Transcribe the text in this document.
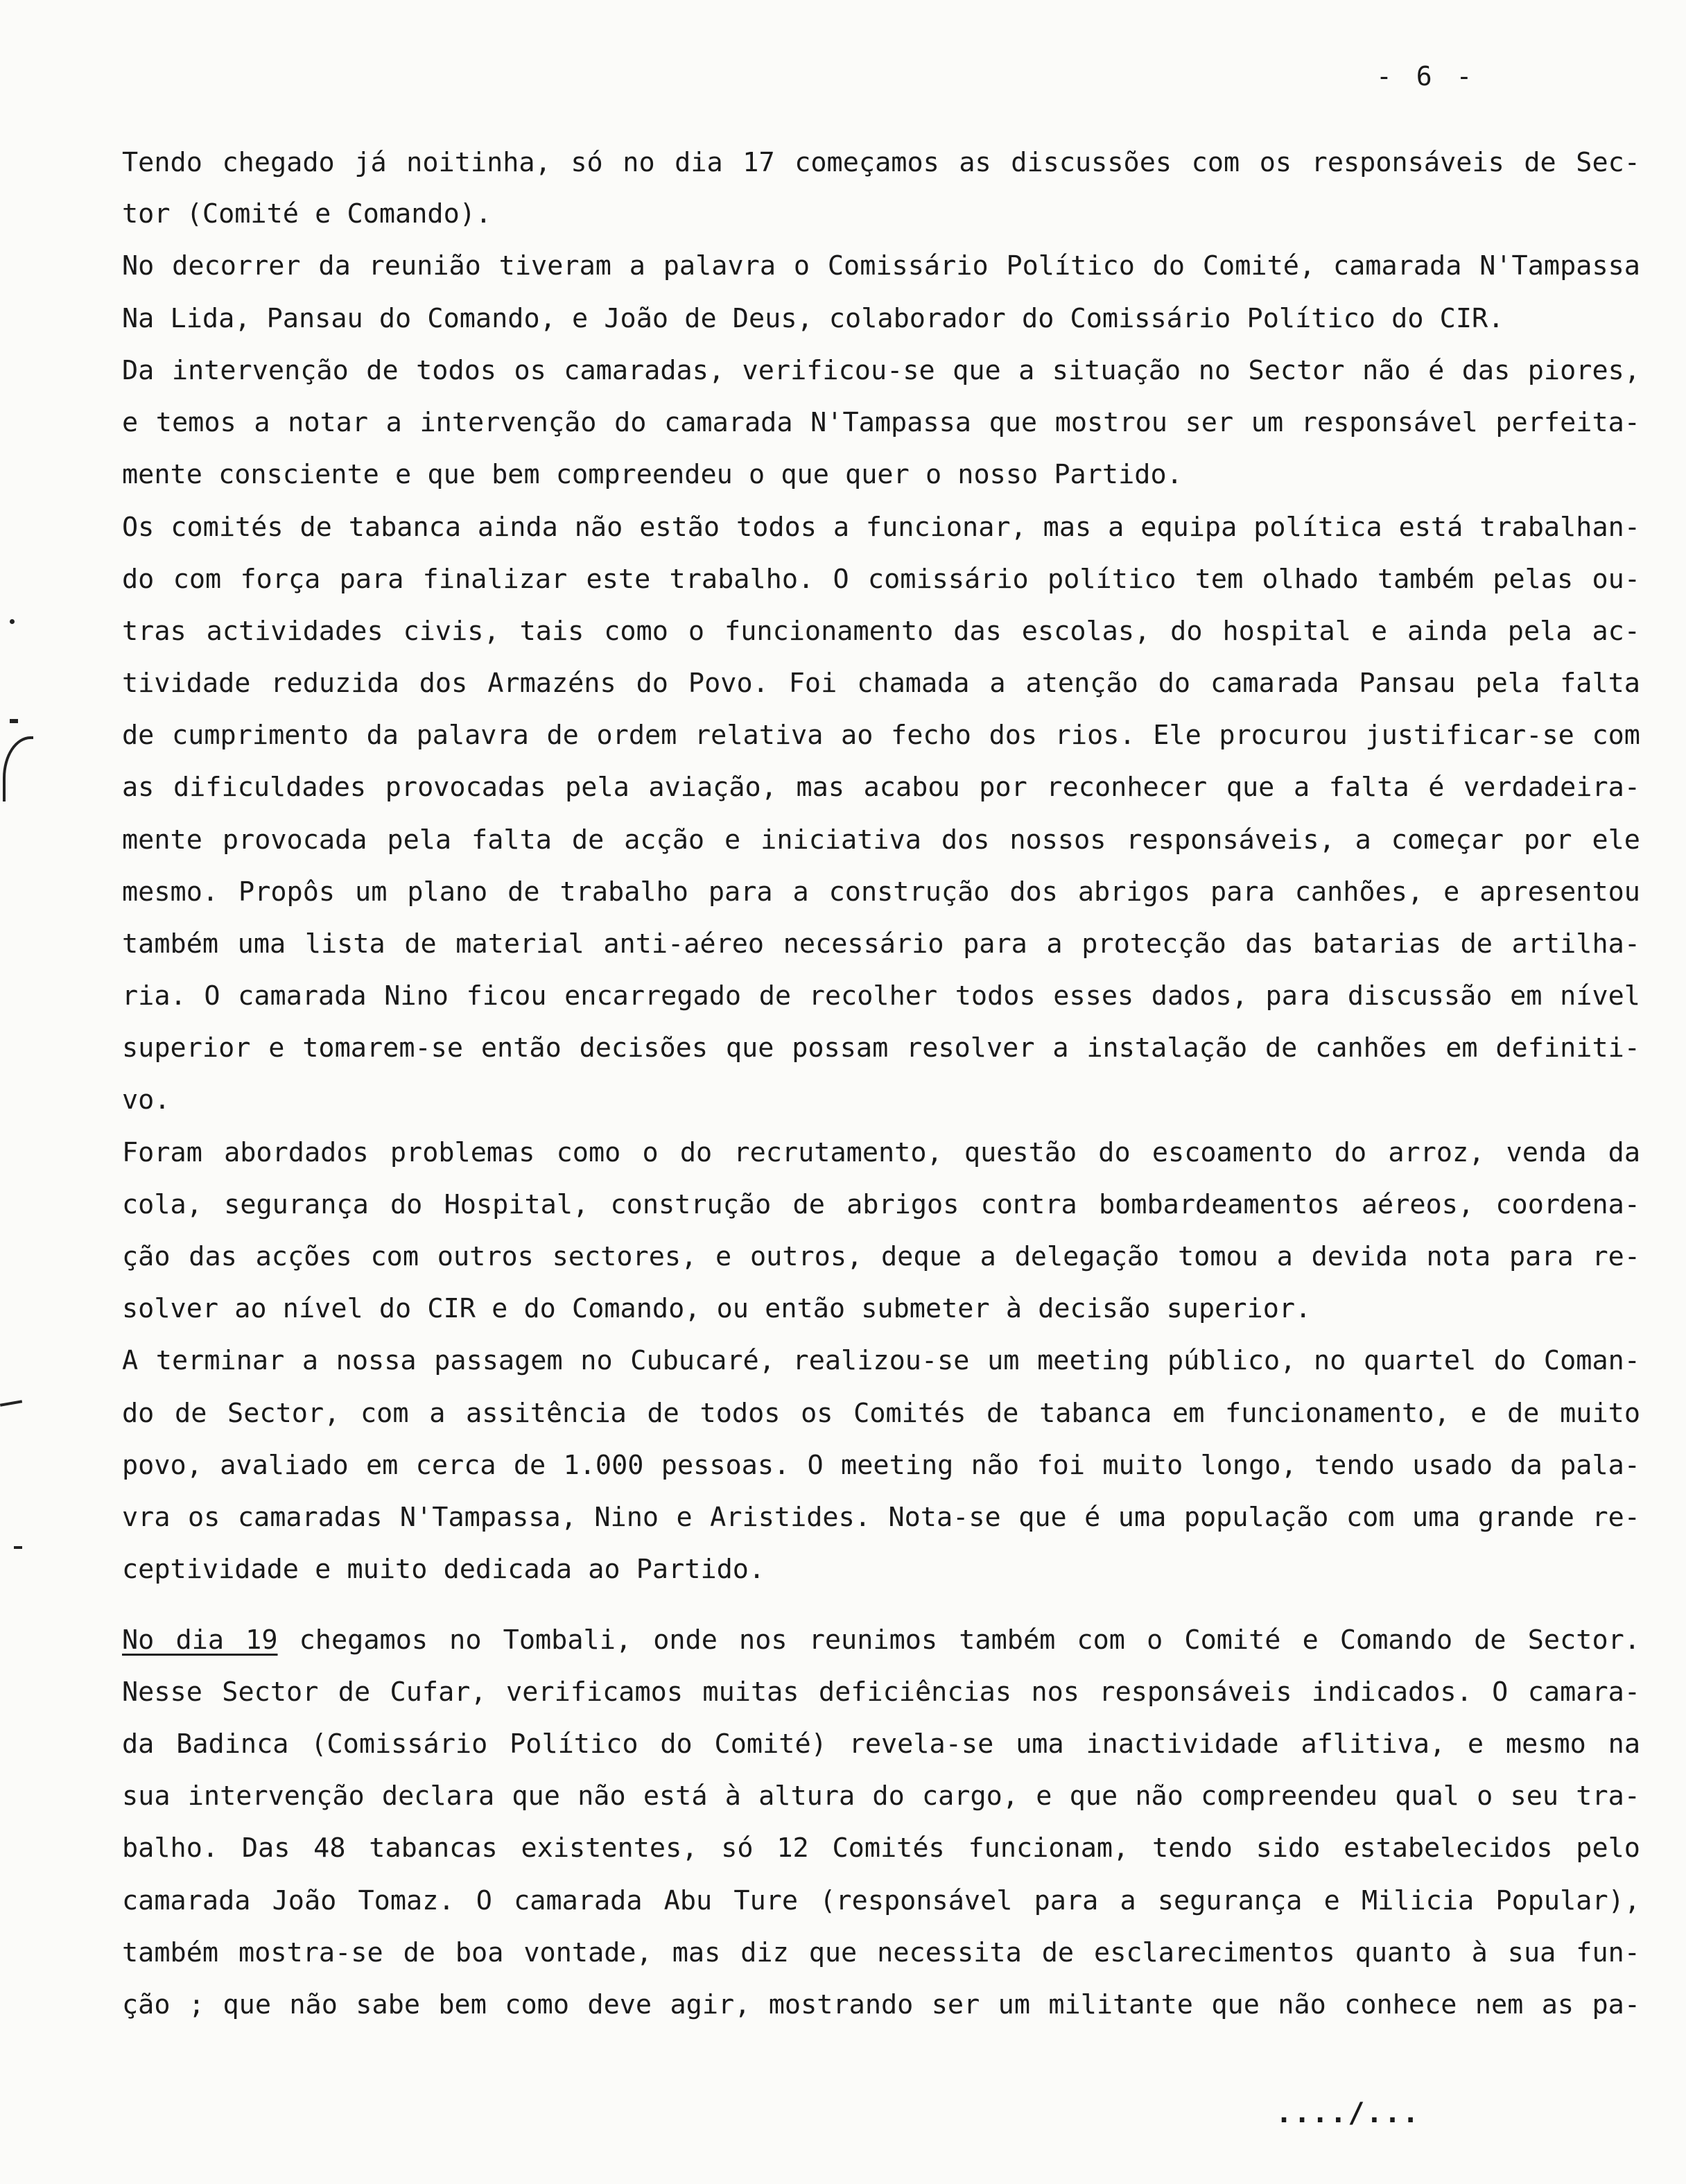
- 6 -
Tendo chegado já noitinha, só no dia 17 começamos as discussões com os responsáveis de Sec-
tor (Comité e Comando).
No decorrer da reunião tiveram a palavra o Comissário Político do Comité, camarada N'Tampassa
Na Lida, Pansau do Comando, e João de Deus, colaborador do Comissário Político do CIR.
Da intervenção de todos os camaradas, verificou-se que a situação no Sector não é das piores,
e temos a notar a intervenção do camarada N'Tampassa que mostrou ser um responsável perfeita-
mente consciente e que bem compreendeu o que quer o nosso Partido.
Os comités de tabanca ainda não estão todos a funcionar, mas a equipa política está trabalhan-
do com força para finalizar este trabalho. O comissário político tem olhado também pelas ou-
tras actividades civis, tais como o funcionamento das escolas, do hospital e ainda pela ac-
tividade reduzida dos Armazéns do Povo. Foi chamada a atenção do camarada Pansau pela falta
de cumprimento da palavra de ordem relativa ao fecho dos rios. Ele procurou justificar-se com
as dificuldades provocadas pela aviação, mas acabou por reconhecer que a falta é verdadeira-
mente provocada pela falta de acção e iniciativa dos nossos responsáveis, a começar por ele
mesmo. Propôs um plano de trabalho para a construção dos abrigos para canhões, e apresentou
também uma lista de material anti-aéreo necessário para a protecção das batarias de artilha-
ria. O camarada Nino ficou encarregado de recolher todos esses dados, para discussão em nível
superior e tomarem-se então decisões que possam resolver a instalação de canhões em definiti-
vo.
Foram abordados problemas como o do recrutamento, questão do escoamento do arroz, venda da
cola, segurança do Hospital, construção de abrigos contra bombardeamentos aéreos, coordena-
ção das acções com outros sectores, e outros, deque a delegação tomou a devida nota para re-
solver ao nível do CIR e do Comando, ou então submeter à decisão superior.
A terminar a nossa passagem no Cubucaré, realizou-se um meeting público, no quartel do Coman-
do de Sector, com a assitência de todos os Comités de tabanca em funcionamento, e de muito
povo, avaliado em cerca de 1.000 pessoas. O meeting não foi muito longo, tendo usado da pala-
vra os camaradas N'Tampassa, Nino e Aristides. Nota-se que é uma população com uma grande re-
ceptividade e muito dedicada ao Partido.
No dia 19 chegamos no Tombali, onde nos reunimos também com o Comité e Comando de Sector.
Nesse Sector de Cufar, verificamos muitas deficiências nos responsáveis indicados. O camara-
da Badinca (Comissário Político do Comité) revela-se uma inactividade aflitiva, e mesmo na
sua intervenção declara que não está à altura do cargo, e que não compreendeu qual o seu tra-
balho. Das 48 tabancas existentes, só 12 Comités funcionam, tendo sido estabelecidos pelo
camarada João Tomaz. O camarada Abu Ture (responsável para a segurança e Milicia Popular),
também mostra-se de boa vontade, mas diz que necessita de esclarecimentos quanto à sua fun-
ção ; que não sabe bem como deve agir, mostrando ser um militante que não conhece nem as pa-
..../...
